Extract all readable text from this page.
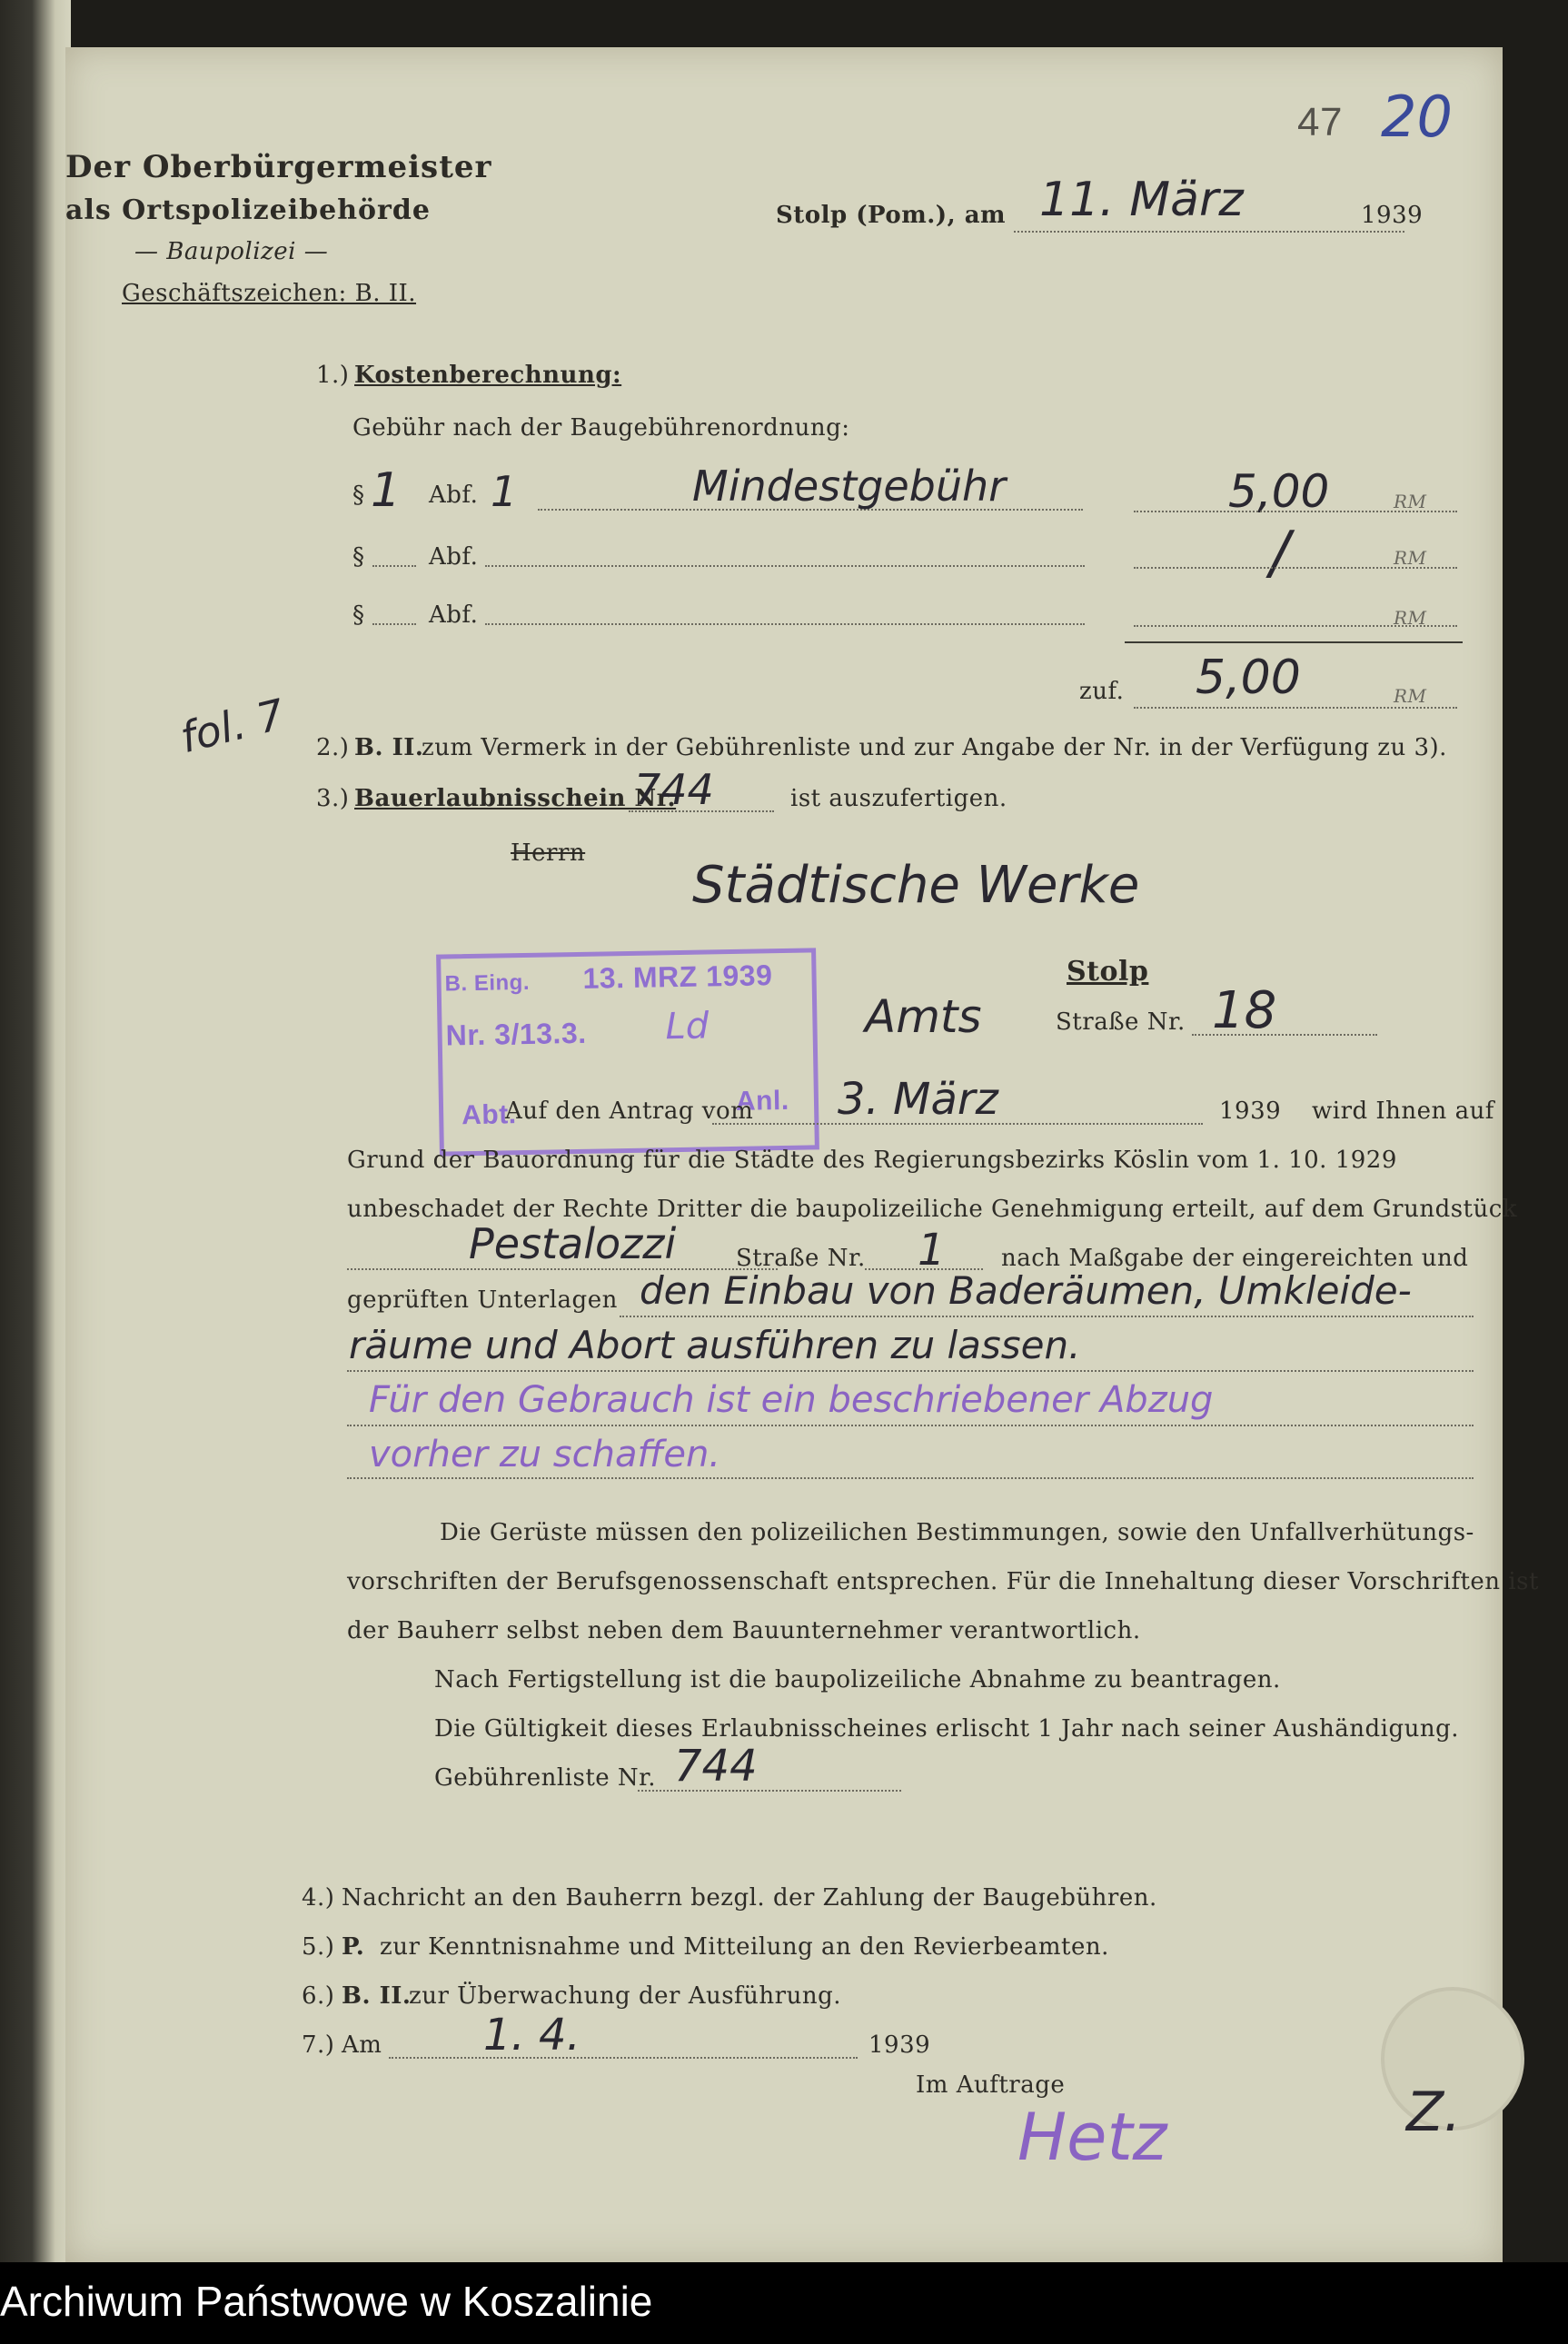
47 20
Der Oberbürgermeister
als Ortspolizeibehörde
— Baupolizei —
Geschäftszeichen: B. II.
Stolp (Pom.), am 11. März	1939
1.) Kostenberechnung:
Gebühr nach der Baugebührenordnung:
§ 1 Abf. 1	Mindestgebühr	5,00	RM
§	Abf.	/	RM
§	Abf.	RM
zuf. 5,00	RM
fol. 7 2.) B. II.
zum Vermerk in der Gebührenliste und zur Angabe der Nr. in der Verfügung zu 3).
3.) Bauerlaubnisschein Nr.
744	ist auszufertigen.
Herrn
Städtische Werke
Stolp
Amts	Straße Nr. 18
B. Eing. 13. MRZ 1939
Nr. 3/13.3. Ld
Abt.	Anl.
Auf den Antrag vom 3. März	1939 wird Ihnen auf
Grund der Bauordnung für die Städte des Regierungsbezirks Köslin vom 1. 10. 1929
unbeschadet der Rechte Dritter die baupolizeiliche Genehmigung erteilt, auf dem Grundstück
Pestalozzi	Straße Nr. 1 nach Maßgabe der eingereichten und
geprüften Unterlagen den Einbau von Baderäumen, Umkleide-
räume und Abort ausführen zu lassen.
Für den Gebrauch ist ein beschriebener Abzug
vorher zu schaffen.
Die Gerüste müssen den polizeilichen Bestimmungen, sowie den Unfallverhütungs-
vorschriften der Berufsgenossenschaft entsprechen. Für die Innehaltung dieser Vorschriften ist
der Bauherr selbst neben dem Bauunternehmer verantwortlich.
Nach Fertigstellung ist die baupolizeiliche Abnahme zu beantragen.
Die Gültigkeit dieses Erlaubnisscheines erlischt 1 Jahr nach seiner Aushändigung.
Gebührenliste Nr. 744
4.) Nachricht an den Bauherrn bezgl. der Zahlung der Baugebühren.
5.) P. zur Kenntnisnahme und Mitteilung an den Revierbeamten.
6.) B. II.
zur Überwachung der Ausführung.
7.) Am 1. 4.	1939
Im Auftrage
Hetz	Z.
Archiwum Państwowe w Koszalinie
